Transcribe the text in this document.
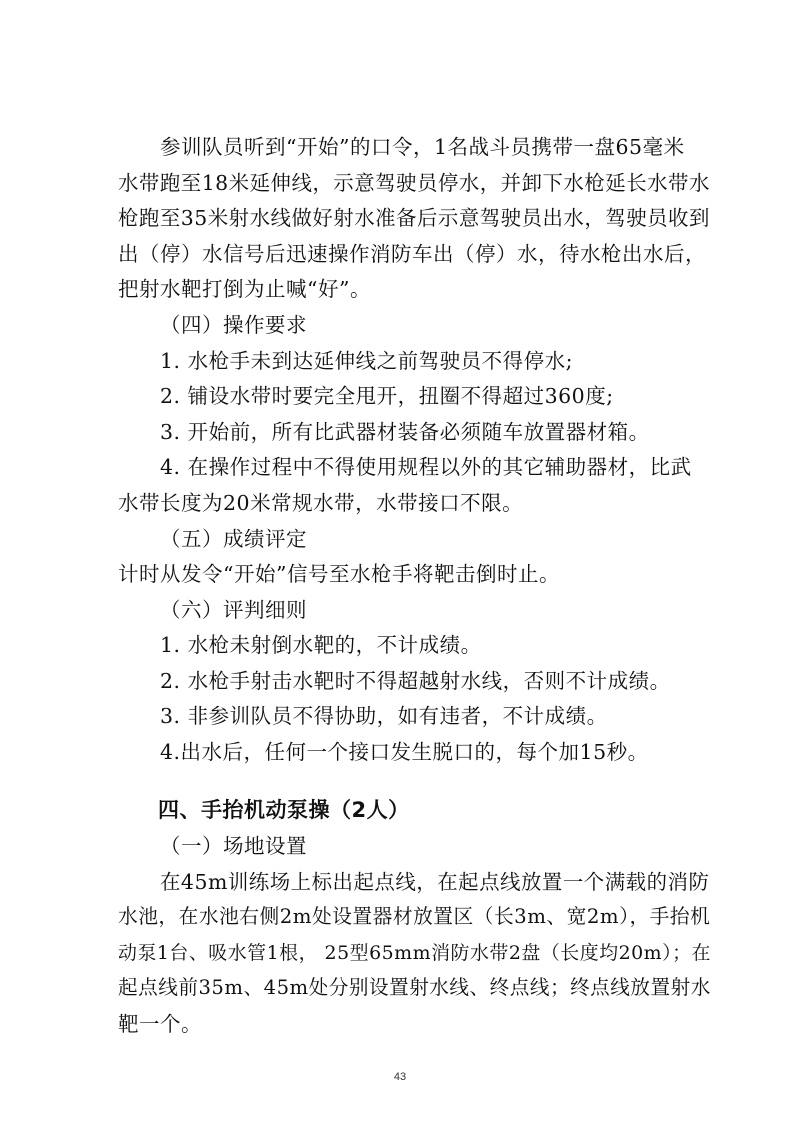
参训队员听到“开始”的口令，1名战斗员携带一盘65毫米
水带跑至18米延伸线，示意驾驶员停水，并卸下水枪延长水带水
枪跑至35米射水线做好射水准备后示意驾驶员出水，驾驶员收到
出（停）水信号后迅速操作消防车出（停）水，待水枪出水后，
把射水靶打倒为止喊“好”。
（四）操作要求
1. 水枪手未到达延伸线之前驾驶员不得停水;
2. 铺设水带时要完全甩开，扭圈不得超过360度;
3. 开始前，所有比武器材装备必须随车放置器材箱。
4. 在操作过程中不得使用规程以外的其它辅助器材，比武
水带长度为20米常规水带，水带接口不限。
（五）成绩评定
计时从发令“开始”信号至水枪手将靶击倒时止。
（六）评判细则
1. 水枪未射倒水靶的，不计成绩。
2. 水枪手射击水靶时不得超越射水线，否则不计成绩。
3. 非参训队员不得协助，如有违者，不计成绩。
4.出水后，任何一个接口发生脱口的，每个加15秒。
四、手抬机动泵操（2人）
（一）场地设置
在45m训练场上标出起点线，在起点线放置一个满载的消防
水池，在水池右侧2m处设置器材放置区（长3m、宽2m），手抬机
动泵1台、吸水管1根， 25型65mm消防水带2盘（长度均20m）；在
起点线前35m、45m处分别设置射水线、终点线；终点线放置射水
靶一个。
43
